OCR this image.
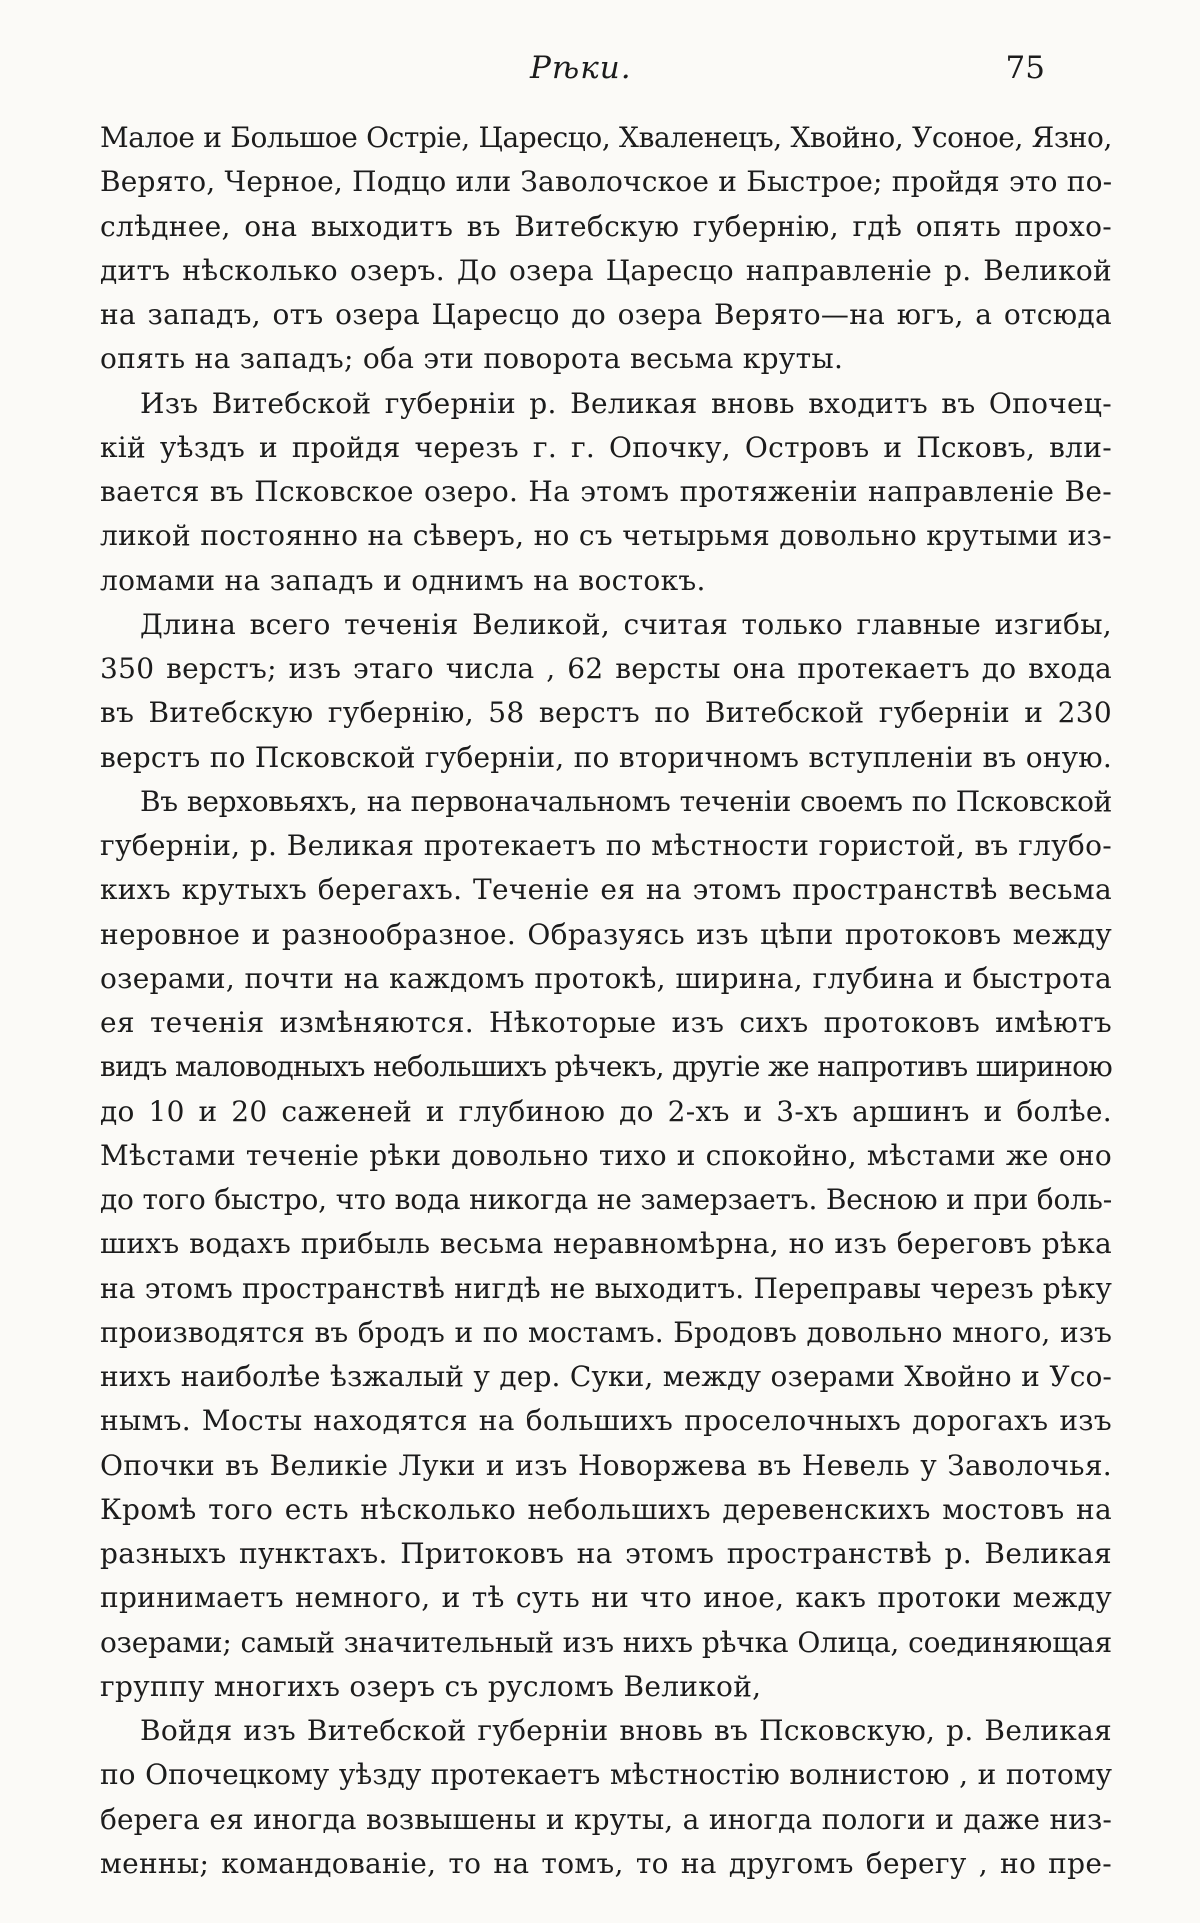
Рѣки.	75
Малое и Большое Острiе, Царесцо, Хваленецъ, Хвойно, Усоное, Язно,
Верято, Черное, Подцо или Заволочское и Быстрое; пройдя это по-
слѣднее, она выходитъ въ Витебскую губернiю, гдѣ опять прохо-
дитъ нѣсколько озеръ. До озера Царесцо направленiе р. Великой
на западъ, отъ озера Царесцо до озера Верято—на югъ, а отсюда
опять на западъ; оба эти поворота весьма круты.
Изъ Витебской губернiи р. Великая вновь входитъ въ Опочец-
кiй уѣздъ и пройдя черезъ г. г. Опочку, Островъ и Псковъ, вли-
вается въ Псковское озеро. На этомъ протяженiи направленiе Ве-
ликой постоянно на сѣверъ, но съ четырьмя довольно крутыми из-
ломами на западъ и однимъ на востокъ.
Длина всего теченiя Великой, считая только главные изгибы,
350 верстъ; изъ этаго числа , 62 версты она протекаетъ до входа
въ Витебскую губернiю, 58 верстъ по Витебской губернiи и 230
верстъ по Псковской губернiи, по вторичномъ вступленiи въ оную.
Въ верховьяхъ, на первоначальномъ теченiи своемъ по Псковской
губернiи, р. Великая протекаетъ по мѣстности гористой, въ глубо-
кихъ крутыхъ берегахъ. Теченiе ея на этомъ пространствѣ весьма
неровное и разнообразное. Образуясь изъ цѣпи протоковъ между
озерами, почти на каждомъ протокѣ, ширина, глубина и быстрота
ея теченiя измѣняются. Нѣкоторые изъ сихъ протоковъ имѣютъ
видъ маловодныхъ небольшихъ рѣчекъ, другiе же напротивъ шириною
до 10 и 20 саженей и глубиною до 2-хъ и 3-хъ аршинъ и болѣе.
Мѣстами теченiе рѣки довольно тихо и спокойно, мѣстами же оно
до того быстро, что вода никогда не замерзаетъ. Весною и при боль-
шихъ водахъ прибыль весьма неравномѣрна, но изъ береговъ рѣка
на этомъ пространствѣ нигдѣ не выходитъ. Переправы черезъ рѣку
производятся въ бродъ и по мостамъ. Бродовъ довольно много, изъ
нихъ наиболѣе ѣзжалый у дер. Суки, между озерами Хвойно и Усо-
нымъ. Мосты находятся на большихъ проселочныхъ дорогахъ изъ
Опочки въ Великiе Луки и изъ Новоржева въ Невель у Заволочья.
Кромѣ того есть нѣсколько небольшихъ деревенскихъ мостовъ на
разныхъ пунктахъ. Притоковъ на этомъ пространствѣ р. Великая
принимаетъ немного, и тѣ суть ни что иное, какъ протоки между
озерами; самый значительный изъ нихъ рѣчка Олица, соединяющая
группу многихъ озеръ съ русломъ Великой,
Войдя изъ Витебской губернiи вновь въ Псковскую, р. Великая
по Опочецкому уѣзду протекаетъ мѣстностiю волнистою , и потому
берега ея иногда возвышены и круты, а иногда пологи и даже низ-
менны; командованiе, то на томъ, то на другомъ берегу , но пре-
